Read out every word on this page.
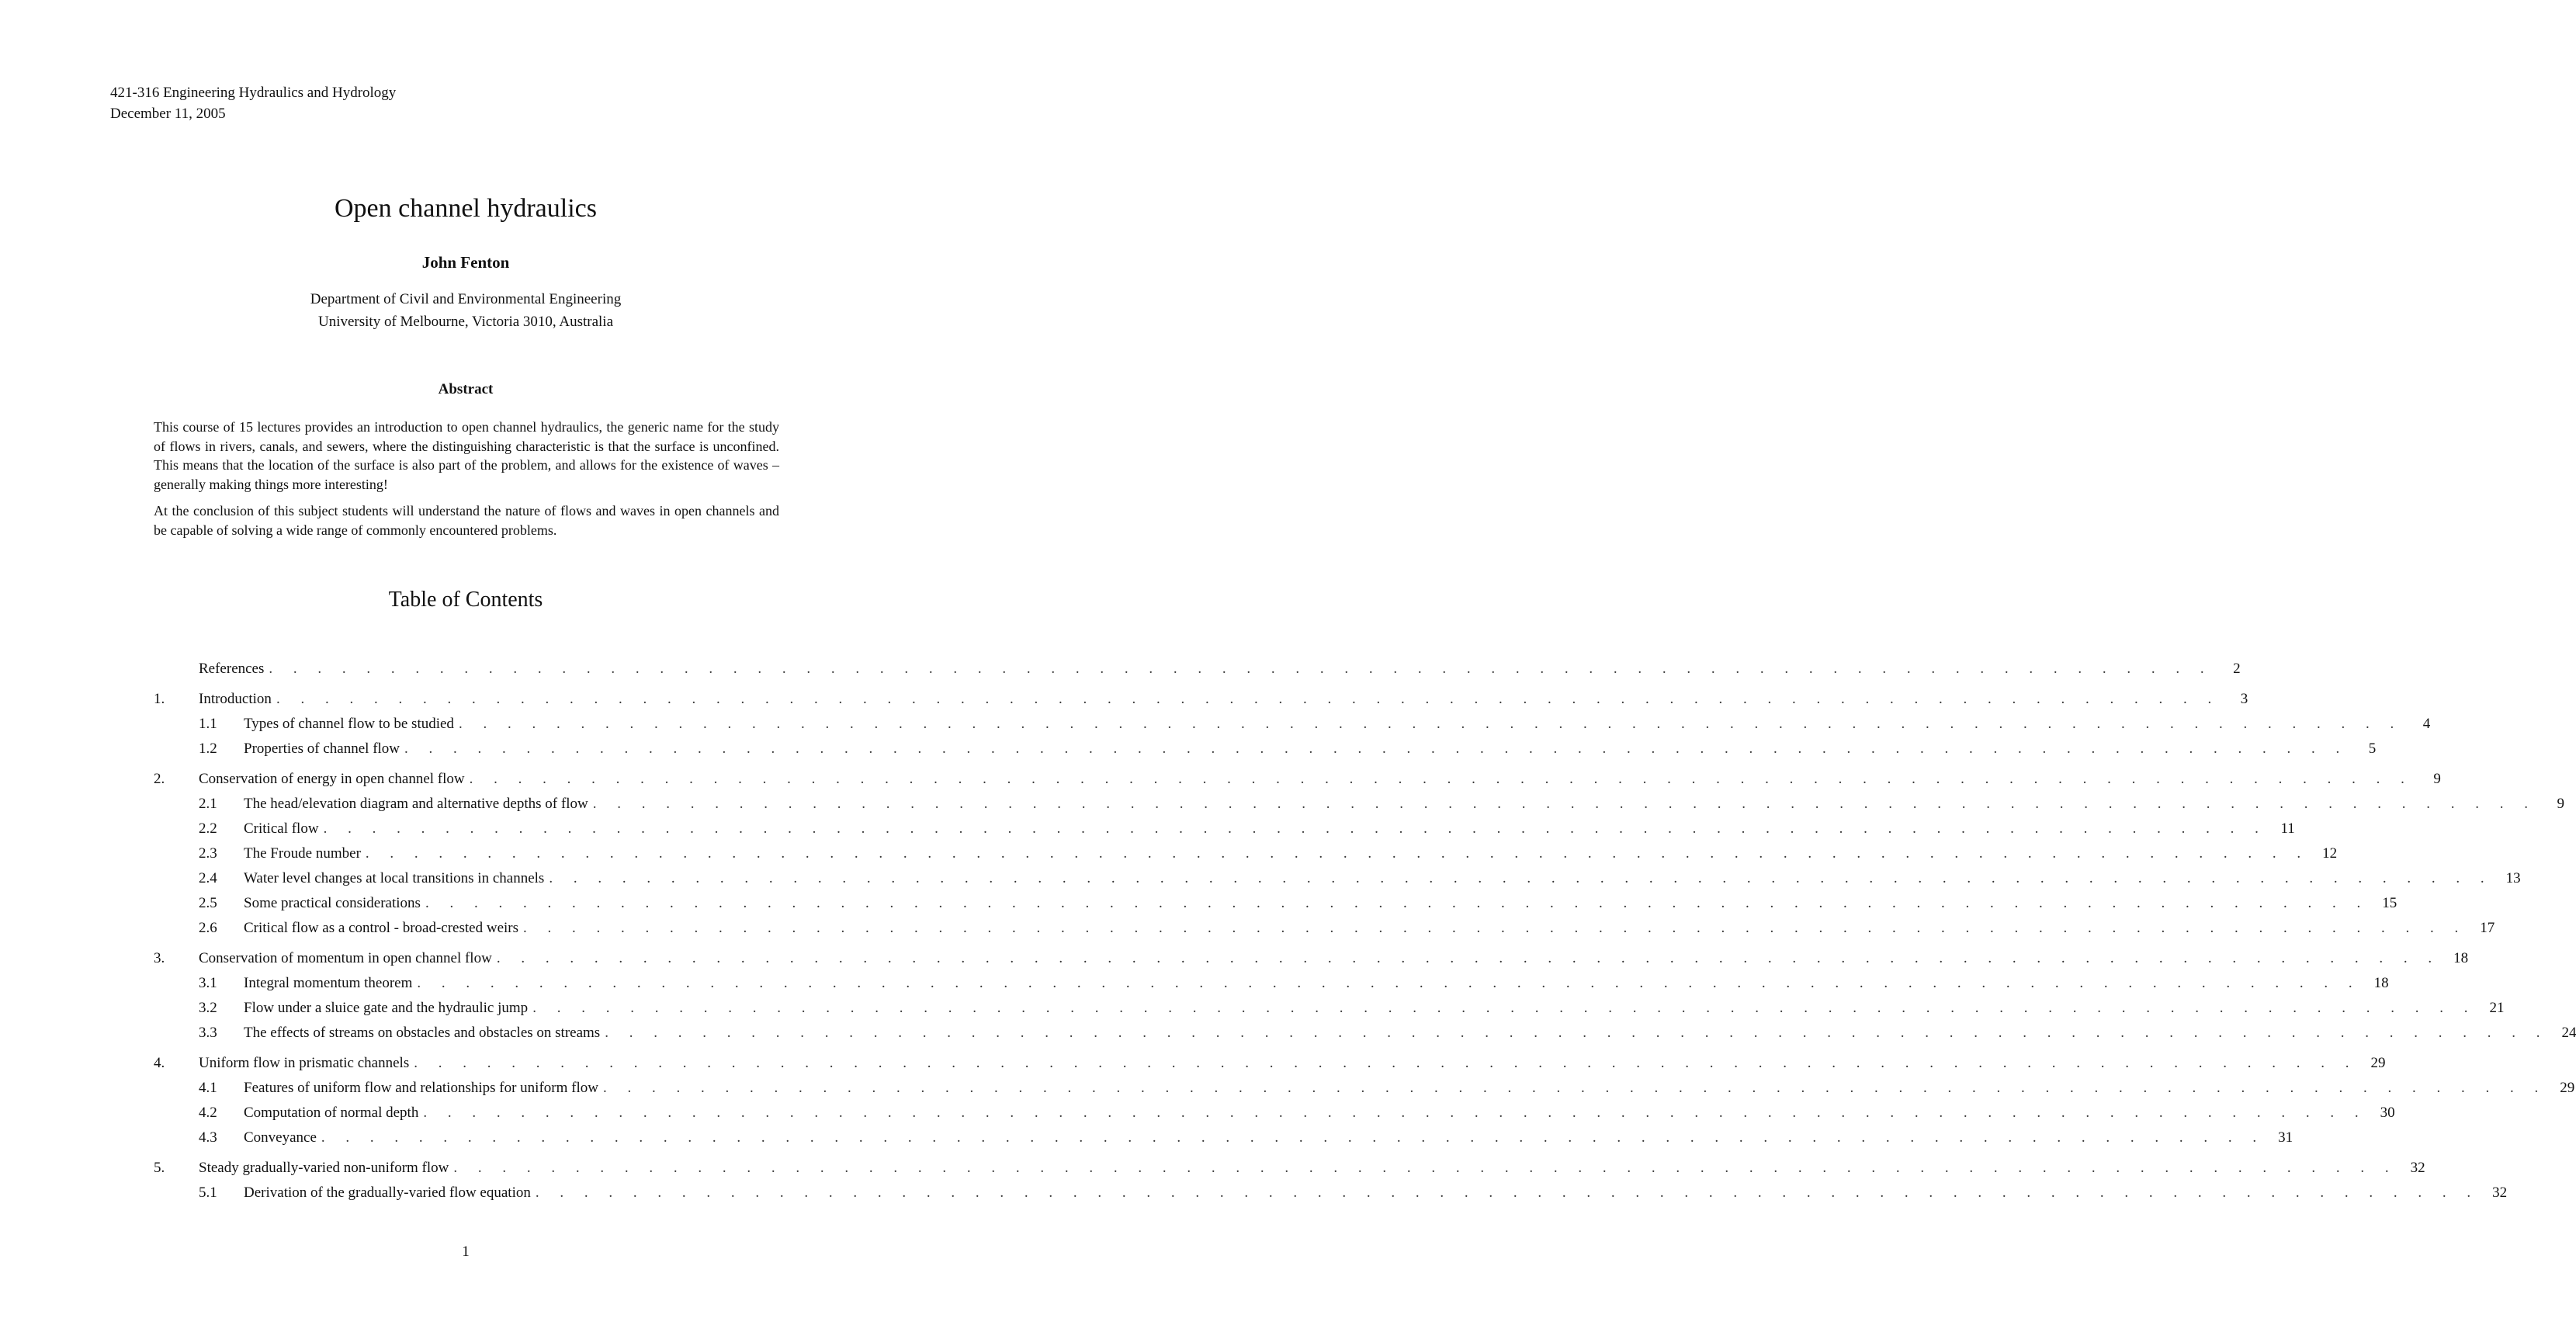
421-316 Engineering Hydraulics and Hydrology
December 11, 2005
Open channel hydraulics
John Fenton
Department of Civil and Environmental Engineering
University of Melbourne, Victoria 3010, Australia
Abstract

This course of 15 lectures provides an introduction to open channel hydraulics, the generic name for the study of flows in rivers, canals, and sewers, where the distinguishing characteristic is that the surface is unconfined. This means that the location of the surface is also part of the problem, and allows for the existence of waves – generally making things more interesting!

At the conclusion of this subject students will understand the nature of flows and waves in open channels and be capable of solving a wide range of commonly encountered problems.

Table of Contents
References . . . . . . . . . . . . . . . . . . . . . . . . . . . . . . . . . . . . . . . . . . . . . . . . . . . . . . . . . . . . . . . . . . . . . . . . . . . . . . . .	2
1.	Introduction . . . . . . . . . . . . . . . . . . . . . . . . . . . . . . . . . . . . . . . . . . . . . . . . . . . . . . . . . . . . . . . . . . . . . . . . . . . . . . . .	3
1.1	Types of channel flow to be studied . . . . . . . . . . . . . . . . . . . . . . . . . . . . . . . . . . . . . . . . . . . . . . . . . . . . . . . . . . . . . . . . . . . . . . . . . . . . . . . .	4
1.2	Properties of channel flow . . . . . . . . . . . . . . . . . . . . . . . . . . . . . . . . . . . . . . . . . . . . . . . . . . . . . . . . . . . . . . . . . . . . . . . . . . . . . . . .	5
2.	Conservation of energy in open channel flow . . . . . . . . . . . . . . . . . . . . . . . . . . . . . . . . . . . . . . . . . . . . . . . . . . . . . . . . . . . . . . . . . . . . . . . . . . . . . . . .	9
2.1	The head/elevation diagram and alternative depths of flow . . . . . . . . . . . . . . . . . . . . . . . . . . . . . . . . . . . . . . . . . . . . . . . . . . . . . . . . . . . . . . . . . . . . . . . . . . . . . . . .	9
2.2	Critical flow . . . . . . . . . . . . . . . . . . . . . . . . . . . . . . . . . . . . . . . . . . . . . . . . . . . . . . . . . . . . . . . . . . . . . . . . . . . . . . . . 11
2.3	The Froude number . . . . . . . . . . . . . . . . . . . . . . . . . . . . . . . . . . . . . . . . . . . . . . . . . . . . . . . . . . . . . . . . . . . . . . . . . . . . . . . . 12
2.4	Water level changes at local transitions in channels . . . . . . . . . . . . . . . . . . . . . . . . . . . . . . . . . . . . . . . . . . . . . . . . . . . . . . . . . . . . . . . . . . . . . . . . . . . . . . . . 13
2.5	Some practical considerations . . . . . . . . . . . . . . . . . . . . . . . . . . . . . . . . . . . . . . . . . . . . . . . . . . . . . . . . . . . . . . . . . . . . . . . . . . . . . . . . 15
2.6	Critical flow as a control - broad-crested weirs . . . . . . . . . . . . . . . . . . . . . . . . . . . . . . . . . . . . . . . . . . . . . . . . . . . . . . . . . . . . . . . . . . . . . . . . . . . . . . . . 17
3.	Conservation of momentum in open channel flow . . . . . . . . . . . . . . . . . . . . . . . . . . . . . . . . . . . . . . . . . . . . . . . . . . . . . . . . . . . . . . . . . . . . . . . . . . . . . . . . 18
3.1	Integral momentum theorem . . . . . . . . . . . . . . . . . . . . . . . . . . . . . . . . . . . . . . . . . . . . . . . . . . . . . . . . . . . . . . . . . . . . . . . . . . . . . . . . 18
3.2	Flow under a sluice gate and the hydraulic jump . . . . . . . . . . . . . . . . . . . . . . . . . . . . . . . . . . . . . . . . . . . . . . . . . . . . . . . . . . . . . . . . . . . . . . . . . . . . . . . . 21
3.3	The effects of streams on obstacles and obstacles on streams . . . . . . . . . . . . . . . . . . . . . . . . . . . . . . . . . . . . . . . . . . . . . . . . . . . . . . . . . . . . . . . . . . . . . . . . . . . . . . . . 24
4.	Uniform flow in prismatic channels . . . . . . . . . . . . . . . . . . . . . . . . . . . . . . . . . . . . . . . . . . . . . . . . . . . . . . . . . . . . . . . . . . . . . . . . . . . . . . . . 29
4.1	Features of uniform flow and relationships for uniform flow . . . . . . . . . . . . . . . . . . . . . . . . . . . . . . . . . . . . . . . . . . . . . . . . . . . . . . . . . . . . . . . . . . . . . . . . . . . . . . . . 29
4.2	Computation of normal depth . . . . . . . . . . . . . . . . . . . . . . . . . . . . . . . . . . . . . . . . . . . . . . . . . . . . . . . . . . . . . . . . . . . . . . . . . . . . . . . . 30
4.3	Conveyance . . . . . . . . . . . . . . . . . . . . . . . . . . . . . . . . . . . . . . . . . . . . . . . . . . . . . . . . . . . . . . . . . . . . . . . . . . . . . . . . 31
5.	Steady gradually-varied non-uniform flow . . . . . . . . . . . . . . . . . . . . . . . . . . . . . . . . . . . . . . . . . . . . . . . . . . . . . . . . . . . . . . . . . . . . . . . . . . . . . . . . 32
5.1	Derivation of the gradually-varied flow equation . . . . . . . . . . . . . . . . . . . . . . . . . . . . . . . . . . . . . . . . . . . . . . . . . . . . . . . . . . . . . . . . . . . . . . . . . . . . . . . . 32
1
